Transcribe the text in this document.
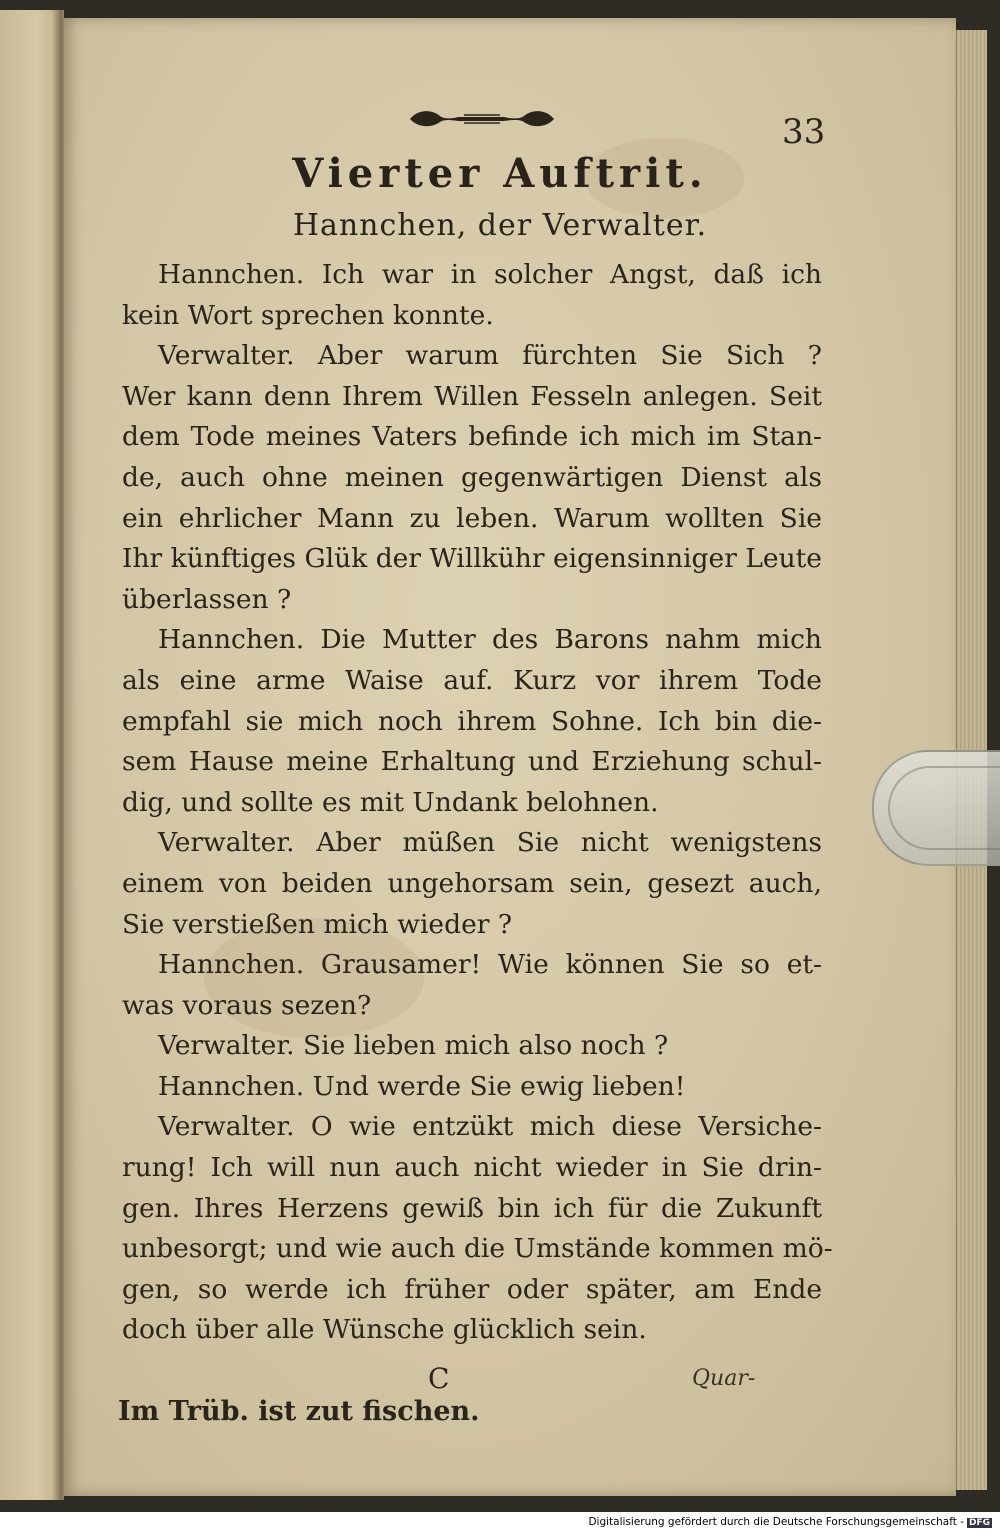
33
Vierter Auftrit.
Hannchen, der Verwalter.
Hannchen. Ich war in solcher Angst, daß ich
kein Wort sprechen konnte.
Verwalter. Aber warum fürchten Sie Sich ?
Wer kann denn Ihrem Willen Fesseln anlegen. Seit
dem Tode meines Vaters befinde ich mich im Stan-
de, auch ohne meinen gegenwärtigen Dienst als
ein ehrlicher Mann zu leben. Warum wollten Sie
Ihr künftiges Glük der Willkühr eigensinniger Leute
überlassen ?
Hannchen. Die Mutter des Barons nahm mich
als eine arme Waise auf. Kurz vor ihrem Tode
empfahl sie mich noch ihrem Sohne. Ich bin die-
sem Hause meine Erhaltung und Erziehung schul-
dig, und sollte es mit Undank belohnen.
Verwalter. Aber müßen Sie nicht wenigstens
einem von beiden ungehorsam sein, gesezt auch,
Sie verstießen mich wieder ?
Hannchen. Grausamer! Wie können Sie so et-
was voraus sezen?
Verwalter. Sie lieben mich also noch ?
Hannchen. Und werde Sie ewig lieben!
Verwalter. O wie entzükt mich diese Versiche-
rung! Ich will nun auch nicht wieder in Sie drin-
gen. Ihres Herzens gewiß bin ich für die Zukunft
unbesorgt; und wie auch die Umstände kommen mö-
gen, so werde ich früher oder später, am Ende
doch über alle Wünsche glücklich sein.
C	Quar-
Im Trüb. ist zut fischen.
Digitalisierung gefördert durch die Deutsche Forschungsgemeinschaft - DFG
